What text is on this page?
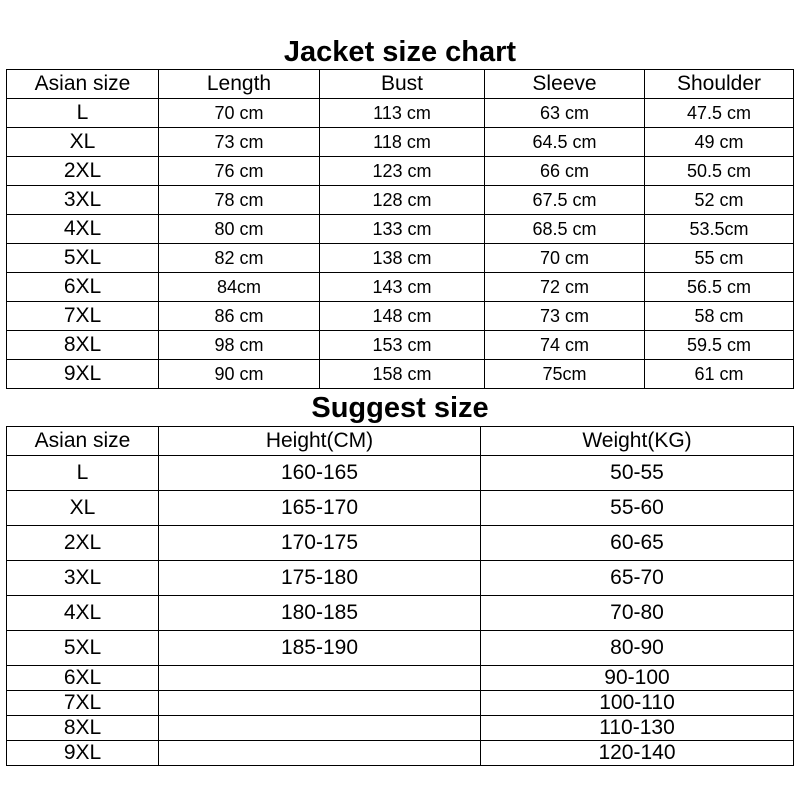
Jacket size chart
Asian size	Length	Bust	Sleeve	Shoulder
L	70 cm	113 cm	63 cm	47.5 cm
XL	73 cm	118 cm	64.5 cm	49 cm
2XL	76 cm	123 cm	66 cm	50.5 cm
3XL	78 cm	128 cm	67.5 cm	52 cm
4XL	80 cm	133 cm	68.5 cm	53.5cm
5XL	82 cm	138 cm	70 cm	55 cm
6XL	84cm	143 cm	72 cm	56.5 cm
7XL	86 cm	148 cm	73 cm	58 cm
8XL	98 cm	153 cm	74 cm	59.5 cm
9XL	90 cm	158 cm	75cm	61 cm
Suggest size
Asian size	Height(CM)	Weight(KG)
L	160-165	50-55
XL	165-170	55-60
2XL	170-175	60-65
3XL	175-180	65-70
4XL	180-185	70-80
5XL	185-190	80-90
6XL		90-100
7XL		100-110
8XL		110-130
9XL		120-140
